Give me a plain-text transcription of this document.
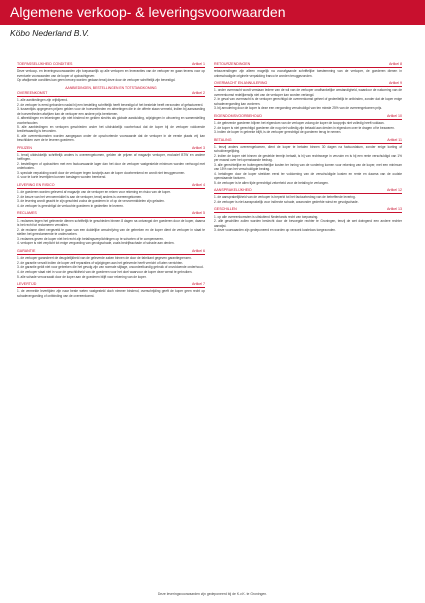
Algemene verkoop- & leveringsvoorwaarden
Köbo Nederland B.V.
TOEPASSELIJKHEID CONDITIES	Artikel 1
Deze verkoop- en leveringsvoorwaarden zijn toepasselijk op alle verkopen en leveranties van de verkoper en gaan tevens voor op eventuele voorwaarden van de koper of opdrachtgever.
Op afwijkende condities kan geen beroep worden gedaan tenzij deze door de verkoper schriftelijk zijn bevestigd.
AANBIEDINGEN, BESTELLINGEN EN TOTSTANDKOMING
OVEREENKOMST	Artikel 2
1. alle aanbiedingen zijn vrijblijvend.
2. de verkoper is eerst gebonden nadat hij een bestelling schriftelijk heeft bevestigd of het bestelde heeft verzonden of gefactureerd.
3. tussentijds opgegeven prijzen gelden voor de hoeveelheden en afmetingen die in de offerte staan vermeld, indien bij aanvaarding de hoeveelheden afwijken kan de verkoper een andere prijs berekenen.
4. afbeeldingen en tekeningen zijn niet bindend en gelden slechts als globale aanduiding, wijzigingen in uitvoering en samenstelling voorbehouden.
5. alle aanbiedingen en verkopen geschieden onder het uitdrukkelijk voorbehoud dat de koper bij de verkoper voldoende kredietwaardig is bevonden.
6. alle overeenkomsten worden aangegaan onder de opschortende voorwaarde dat de verkoper in de eerste plaats vrij kan beschikken over de te leveren goederen.
PRIJZEN	Artikel 3
1. tenzij uitdrukkelijk schriftelijk anders is overeengekomen, gelden de prijzen af magazijn verkoper, exclusief BTW en andere heffingen.
2. bestellingen of opdrachten met een factuurwaarde lager dan het door de verkoper vastgestelde minimum worden verhoogd met orderkosten.
3. speciale verpakking wordt door de verkoper tegen kostprijs aan de koper doorberekend en wordt niet teruggenomen.
4. voor te korte levertijden kunnen toeslagen worden berekend.
LEVERING EN RISICO	Artikel 4
1. de goederen worden geleverd af magazijn van de verkoper en reizen voor rekening en risico van de koper.
2. de keuze van het vervoermiddel is aan de verkoper, tenzij anders is overeengekomen.
3. de levering wordt geacht te zijn geschied zodra de goederen in of op de vervoermiddelen zijn geladen.
4. de verkoper is gerechtigd de verkochte goederen in gedeelten te leveren.
RECLAMES	Artikel 5
1. reclames tegen het geleverde dienen schriftelijk te geschieden binnen 8 dagen na ontvangst der goederen door de koper, daarna is het recht tot reclameren vervallen.
2. de reclame dient vergezeld te gaan van een duidelijke omschrijving van de gebreken en de koper dient de verkoper in staat te stellen het gereclameerde te onderzoeken.
3. reclames geven de koper niet het recht zijn betalingsverplichtingen op te schorten of te compenseren.
4. verkoper is niet verplicht tot enige vergoeding van gevolgschade, zoals bedrijfsschade of schade aan derden.
GARANTIE	Artikel 6
1. de verkoper garandeert de deugdelijkheid van de geleverde zaken binnen de door de fabrikant gegeven garantiegrenzen.
2. de garantie vervalt indien de koper zelf reparaties of wijzigingen aan het geleverde heeft verricht of laten verrichten.
3. de garantie geldt niet voor gebreken die het gevolg zijn van normale slijtage, onoordeelkundig gebruik of onvoldoende onderhoud.
4. de verkoper staat niet in voor de geschiktheid van de goederen voor het doel waarvoor de koper deze wenst te gebruiken.
5. alle schade veroorzaakt door de koper aan de goederen blijft voor rekening van de koper.
LEVERTIJD	Artikel 7
1. de vermelde levertijden zijn naar beste weten vastgesteld doch nimmer bindend, overschrijding geeft de koper geen recht op schadevergoeding of ontbinding van de overeenkomst.
RETOURZENDINGEN	Artikel 8
retourzendingen zijn alleen mogelijk na voorafgaande schriftelijke toestemming van de verkoper, de goederen dienen in onbeschadigde originele verpakking franco te worden teruggezonden.
OVERMACHT EN ANNULERING	Artikel 9
1. onder overmacht wordt verstaan iedere van de wil van de verkoper onafhankelijke omstandigheid, waardoor de nakoming van de overeenkomst redelijkerwijs niet van de verkoper kan worden verlangd.
2. in geval van overmacht is de verkoper gerechtigd de overeenkomst geheel of gedeeltelijk te ontbinden, zonder dat de koper enige schadevergoeding kan vorderen.
3. bij annulering door de koper is deze een vergoeding verschuldigd van ten minste 25% van de overeengekomen prijs.
EIGENDOMSVOORBEHOUD	Artikel 10
1. de geleverde goederen blijven het eigendom van de verkoper zolang de koper de koopprijs niet volledig heeft voldaan.
2. de koper is niet gerechtigd goederen die nog niet volledig zijn betaald aan derden in eigendom over te dragen of te bezwaren.
3. indien de koper in gebreke blijft, is de verkoper gerechtigd de goederen terug te nemen.
BETALING	Artikel 11
1. tenzij anders overeengekomen, dient de koper te betalen binnen 30 dagen na factuurdatum, zonder enige korting of schuldvergelijking.
2. indien de koper niet binnen de gestelde termijn betaalt, is hij van rechtswege in verzuim en is hij een rente verschuldigd van 1% per maand over het openstaande bedrag.
3. alle gerechtelijke en buitengerechtelijke kosten ter inning van de vordering komen voor rekening van de koper, met een minimum van 15% van het verschuldigde bedrag.
4. betalingen door de koper strekken eerst ter voldoening van de verschuldigde kosten en rente en daarna van de oudste openstaande facturen.
5. de verkoper is te allen tijde gerechtigd zekerheid voor de betaling te verlangen.
AANSPRAKELIJKHEID	Artikel 12
1. de aansprakelijkheid van de verkoper is beperkt tot het factuurbedrag van de betreffende levering.
2. de verkoper is niet aansprakelijk voor indirecte schade, waaronder gederfde winst en gevolgschade.
GESCHILLEN	Artikel 13
1. op alle overeenkomsten is uitsluitend Nederlands recht van toepassing.
2. alle geschillen zullen worden beslecht door de bevoegde rechter te Groningen, tenzij de wet dwingend een andere rechter aanwijst.
3. deze voorwaarden zijn gedeponeerd en worden op verzoek kosteloos toegezonden.
Deze leveringsvoorwaarden zijn gedeponeerd bij de K.v.K. te Groningen.
